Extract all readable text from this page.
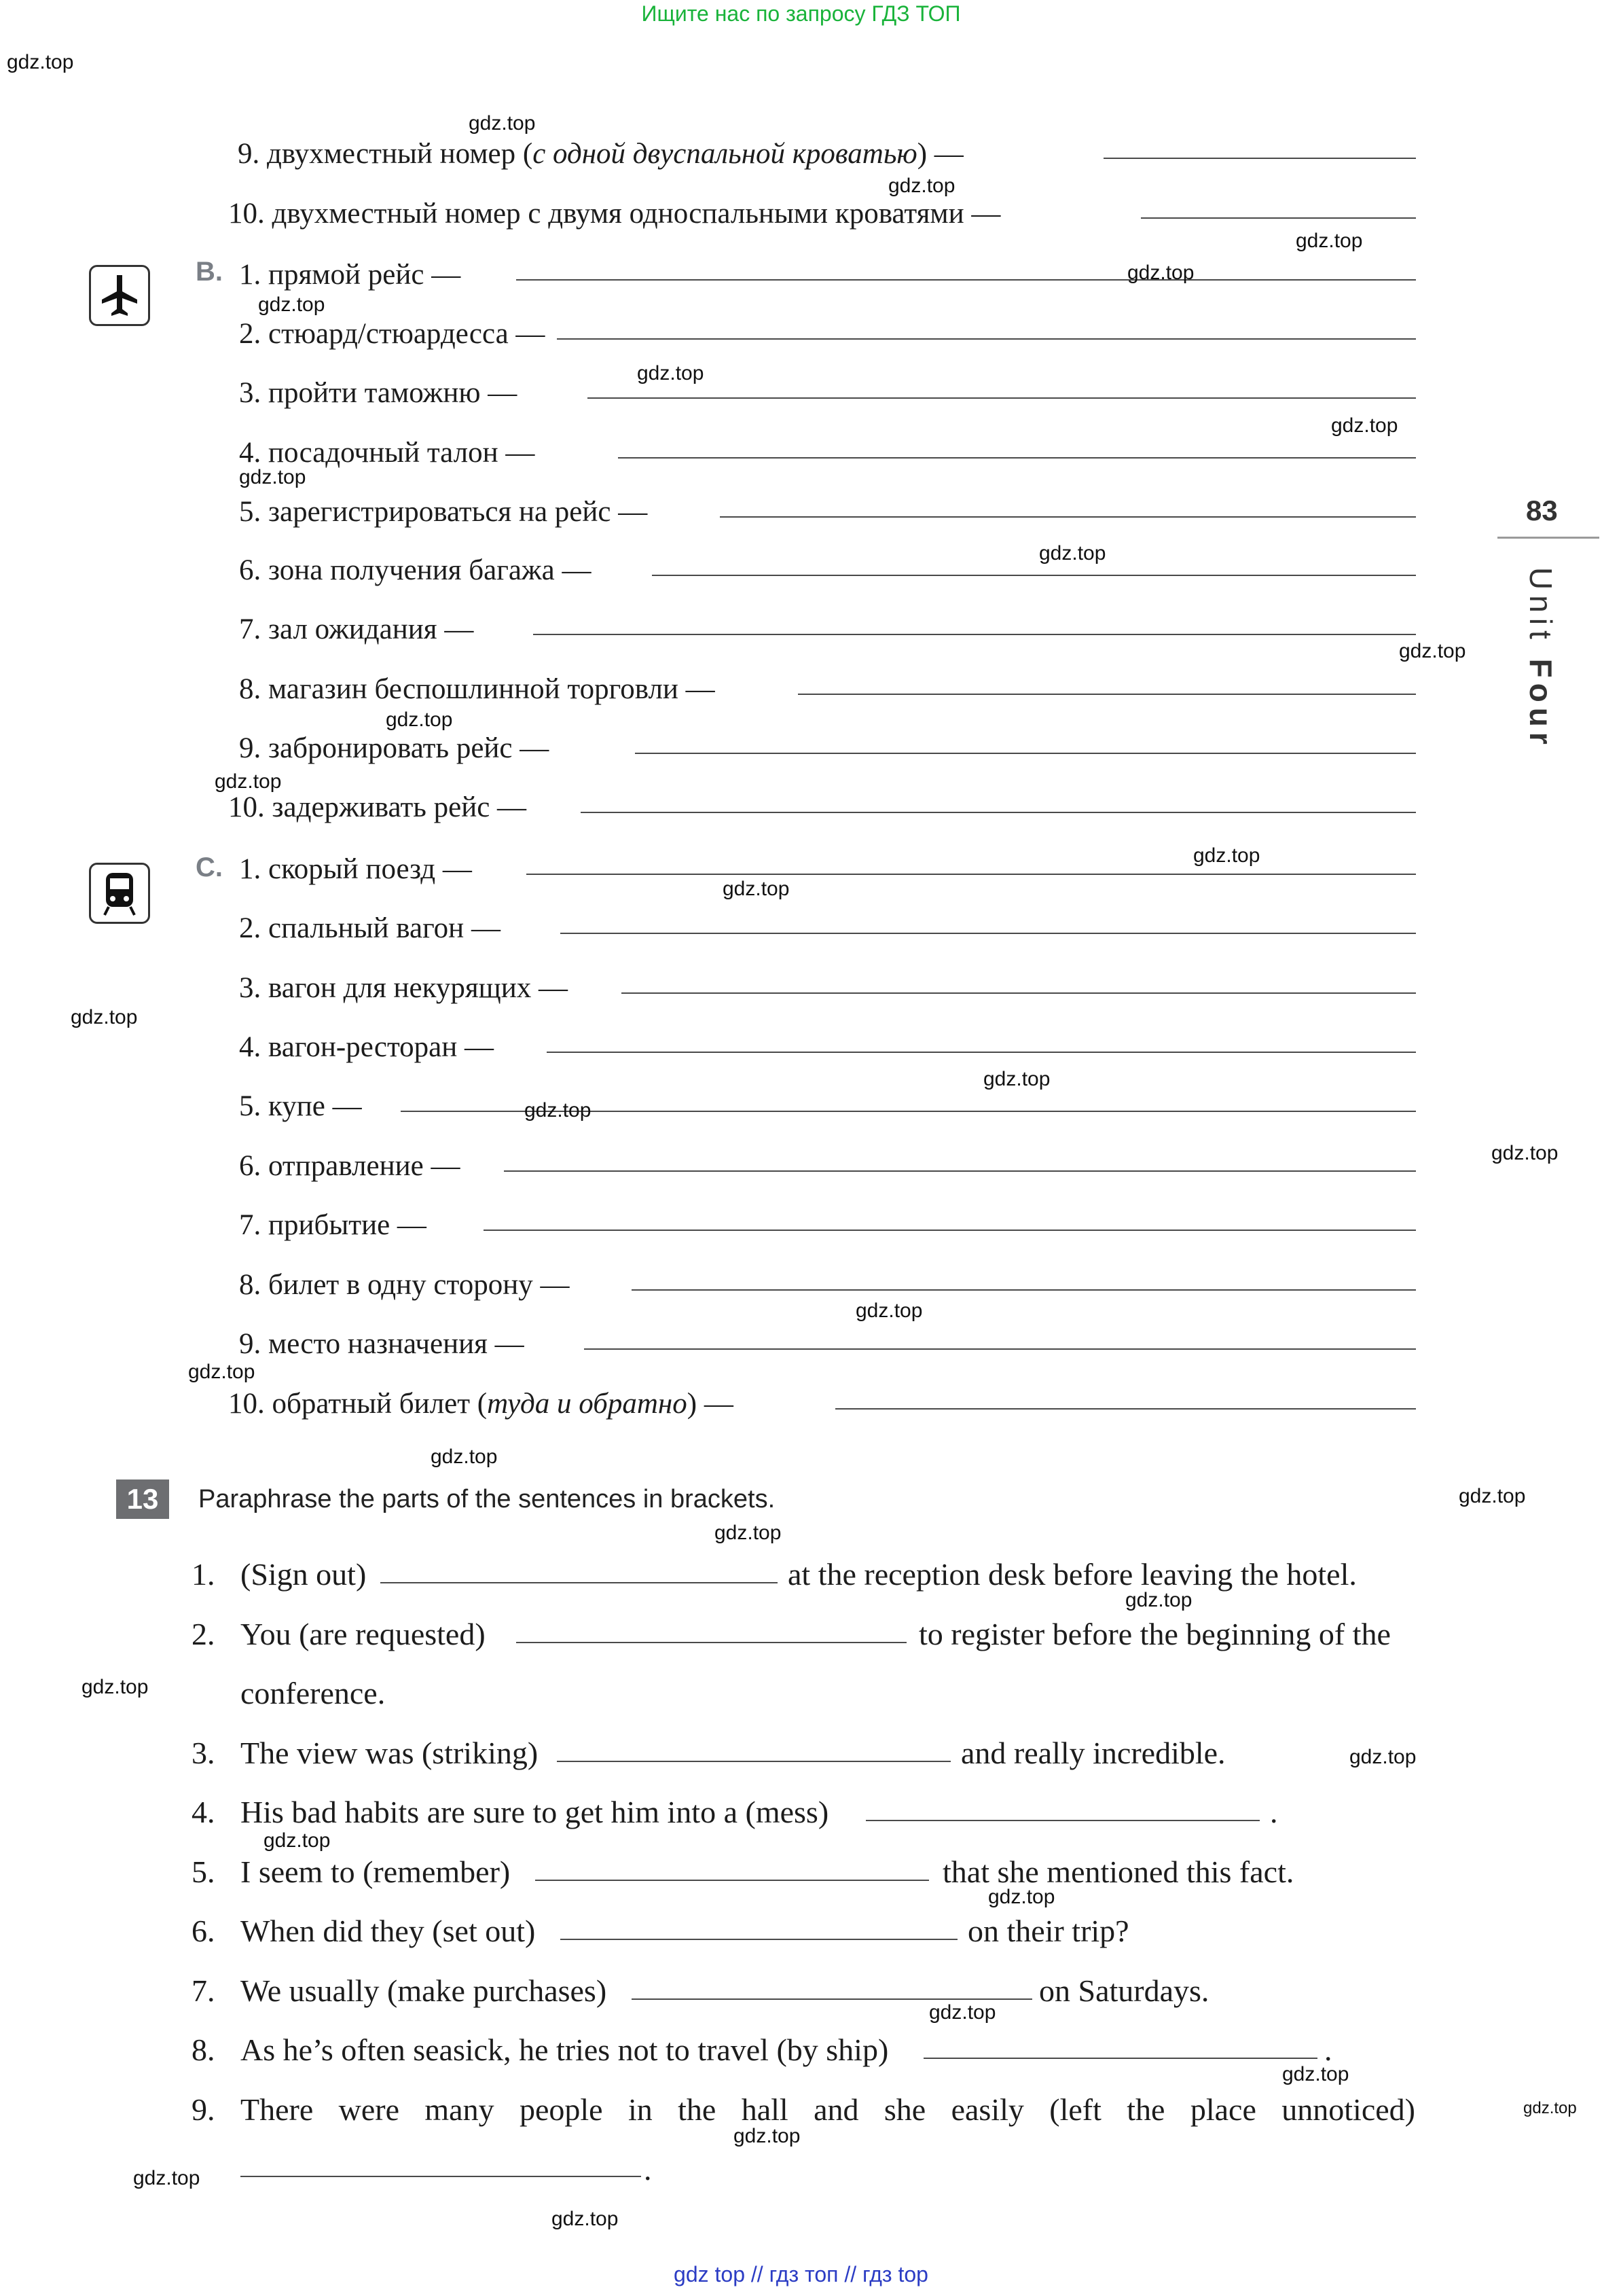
Ищите нас по запросу ГДЗ ТОП
83
Unit Four
9. двухместный номер (с одной двуспальной кроватью) —
10. двухместный номер с двумя односпальными кроватями —
B. 1. прямой рейс —
2. стюард/стюардесса —
3. пройти таможню —
4. посадочный талон —
5. зарегистрироваться на рейс —
6. зона получения багажа —
7. зал ожидания —
8. магазин беспошлинной торговли —
9. забронировать рейс —
10. задерживать рейс —
C. 1. скорый поезд —
2. спальный вагон —
3. вагон для некурящих —
4. вагон-ресторан —
5. купе —
6. отправление —
7. прибытие —
8. билет в одну сторону —
9. место назначения —
10. обратный билет (туда и обратно) —
13	Paraphrase the parts of the sentences in brackets.
1. (Sign out)	at the reception desk before leaving the hotel.
2. You (are requested)	to register before the beginning of the
conference.
3. The view was (striking)	and really incredible.
4. His bad habits are sure to get him into a (mess)	.
5. I seem to (remember)	that she mentioned this fact.
6. When did they (set out)	on their trip?
7. We usually (make purchases)	on Saturdays.
8. As he’s often seasick, he tries not to travel (by ship)	.
9. There were many people in the hall and she easily (left the place unnoticed)
.
gdz top // гдз топ // гдз top
gdz.top
gdz.top
gdz.top
gdz.top
gdz.top
gdz.top
gdz.top
gdz.top
gdz.top
gdz.top
gdz.top
gdz.top
gdz.top
gdz.top
gdz.top
gdz.top
gdz.top
gdz.top
gdz.top
gdz.top
gdz.top
gdz.top
gdz.top
gdz.top
gdz.top
gdz.top
gdz.top
gdz.top
gdz.top
gdz.top
gdz.top
gdz.top
gdz.top
gdz.top
gdz.top
